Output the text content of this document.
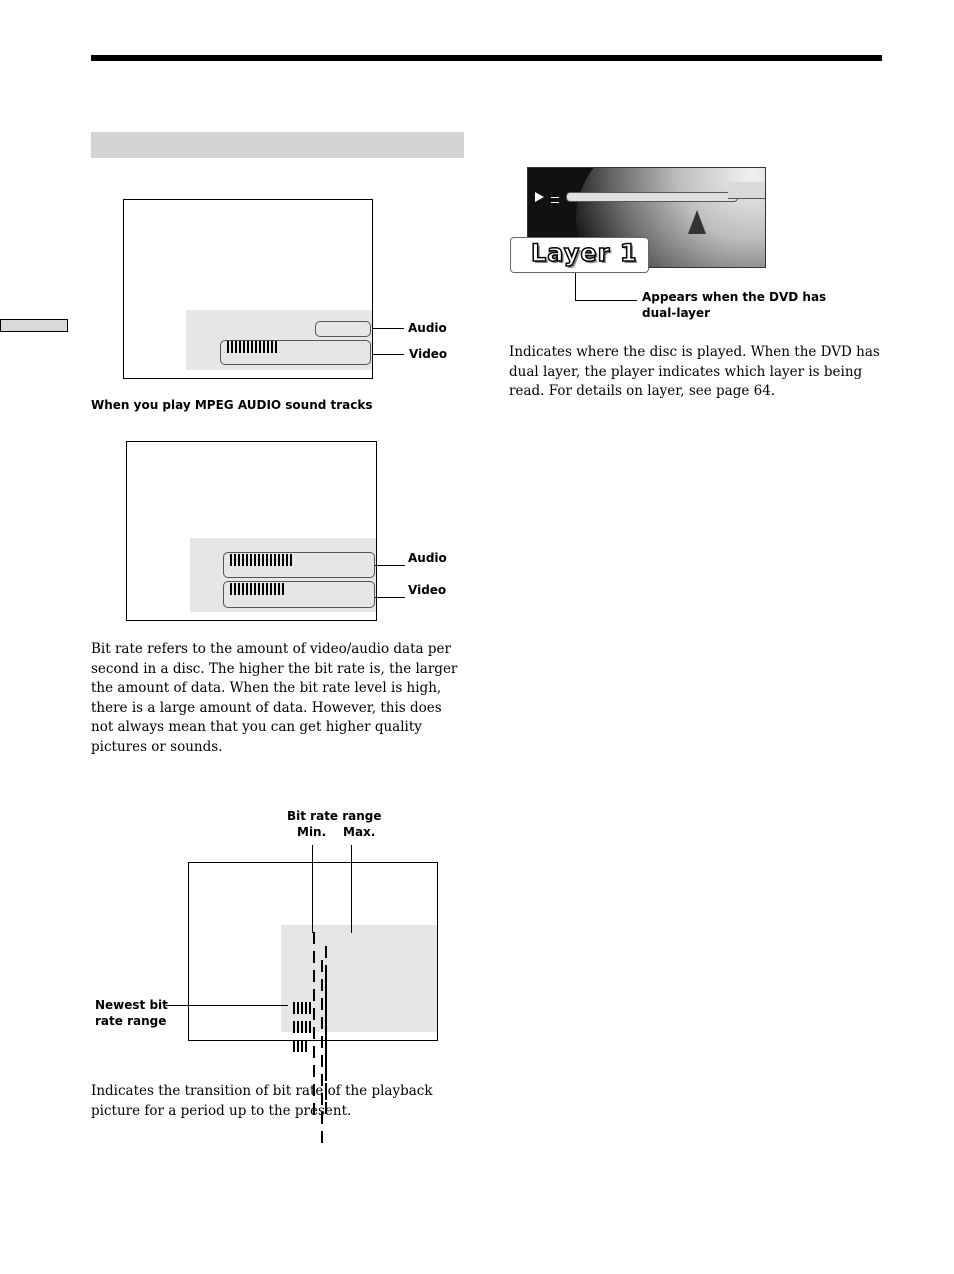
Audio
Video
When you play MPEG AUDIO sound tracks
Audio
Video
Bit rate refers to the amount of video/audio data per second in a disc. The higher the bit rate is, the larger the amount of data. When the bit rate level is high, there is a large amount of data. However, this does not always mean that you can get higher quality pictures or sounds.
Bit rate range
Min. Max.
Newest bit
rate range
Indicates the transition of bit rate of the playback picture for a period up to the present.
Layer 1
Appears when the DVD has
dual-layer
Indicates where the disc is played. When the DVD has dual layer, the player indicates which layer is being read. For details on layer, see page 64.
